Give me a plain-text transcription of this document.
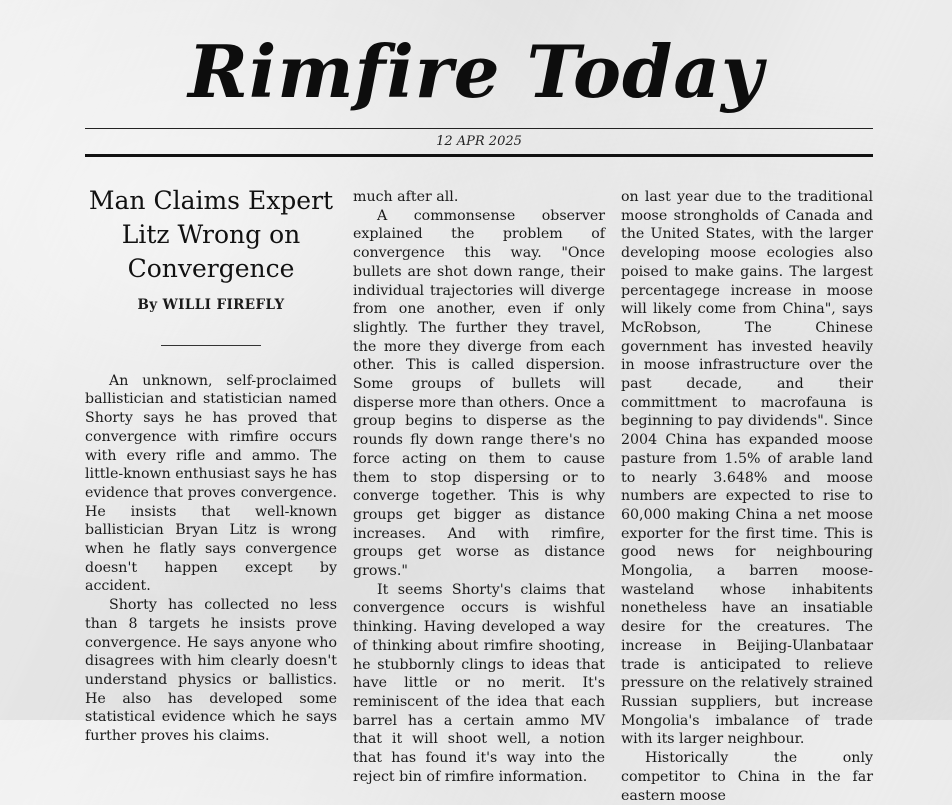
Rimfire Today
12 APR 2025
Man Claims Expert Litz Wrong on Convergence
By WILLI FIREFLY

An unknown, self-proclaimed ballistician and statistician named Shorty says he has proved that convergence with rimfire occurs with every rifle and ammo. The little-known enthusiast says he has evidence that proves convergence. He insists that well-known ballistician Bryan Litz is wrong when he flatly says convergence doesn't happen except by accident.

Shorty has collected no less than 8 targets he insists prove convergence. He says anyone who disagrees with him clearly doesn't understand physics or ballistics. He also has developed some statistical evidence which he says further proves his claims.

much after all.

A commonsense observer explained the problem of convergence this way. "Once bullets are shot down range, their individual trajectories will diverge from one another, even if only slightly. The further they travel, the more they diverge from each other. This is called dispersion. Some groups of bullets will disperse more than others. Once a group begins to disperse as the rounds fly down range there's no force acting on them to cause them to stop dispersing or to converge together. This is why groups get bigger as distance increases. And with rimfire, groups get worse as distance grows."

It seems Shorty's claims that convergence occurs is wishful thinking. Having developed a way of thinking about rimfire shooting, he stubbornly clings to ideas that have little or no merit. It's reminiscent of the idea that each barrel has a certain ammo MV that it will shoot well, a notion that has found it's way into the reject bin of rimfire information.

on last year due to the traditional moose strongholds of Canada and the United States, with the larger developing moose ecologies also poised to make gains. The largest percentagege increase in moose will likely come from China", says McRobson, The Chinese government has invested heavily in moose infrastructure over the past decade, and their committment to macrofauna is beginning to pay dividends". Since 2004 China has expanded moose pasture from 1.5% of arable land to nearly 3.648% and moose numbers are expected to rise to 60,000 making China a net moose exporter for the first time. This is good news for neighbouring Mongolia, a barren moose-wasteland whose inhabitents nonetheless have an insatiable desire for the creatures. The increase in Beijing-Ulanbataar trade is anticipated to relieve pressure on the relatively strained Russian suppliers, but increase Mongolia's imbalance of trade with its larger neighbour.

Historically the only competitor to China in the far eastern moose
